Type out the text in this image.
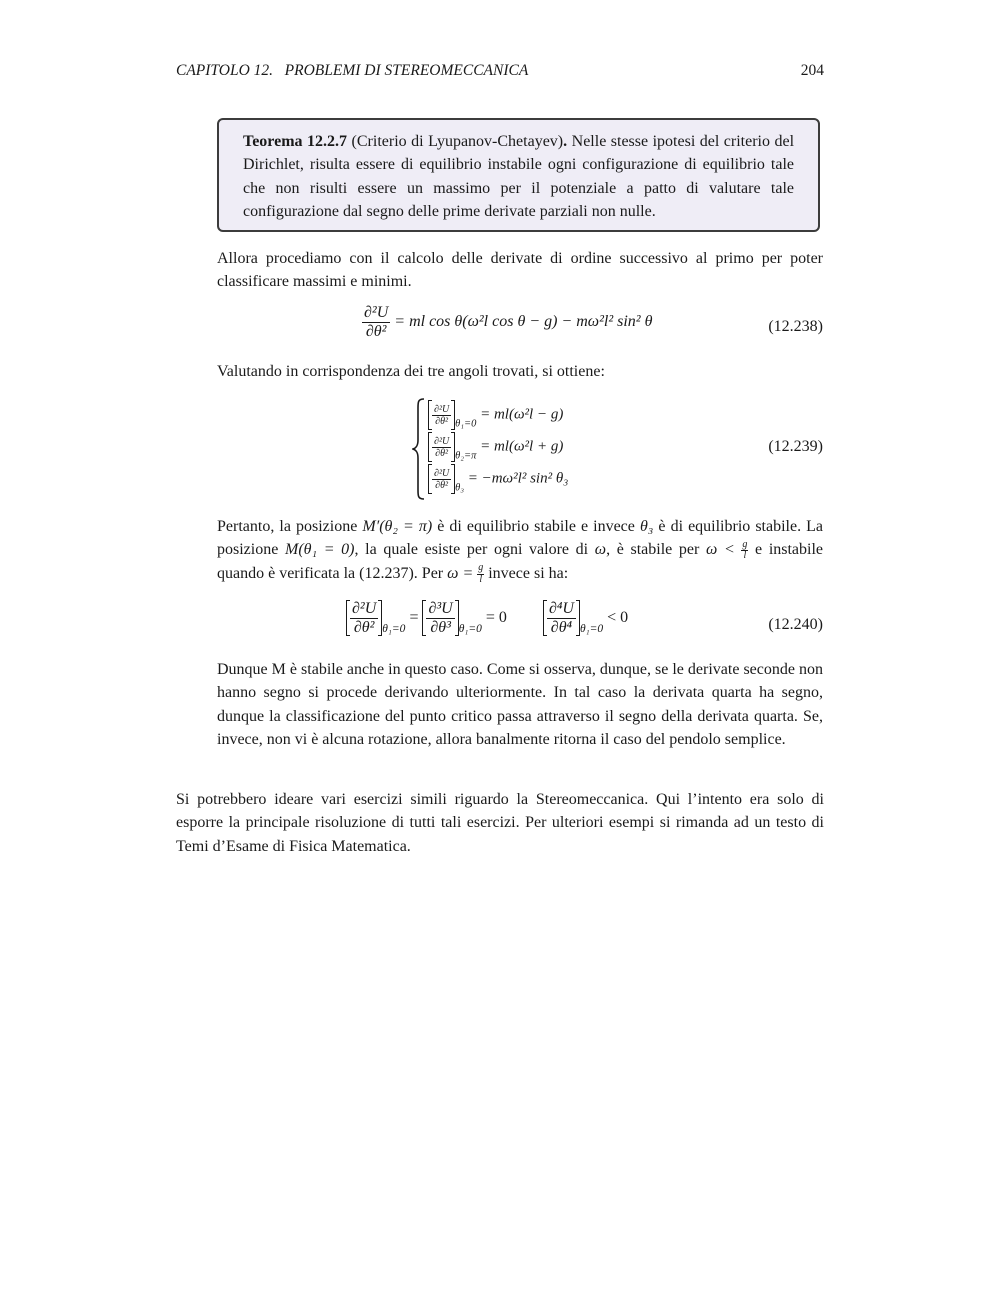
CAPITOLO 12.   PROBLEMI DI STEREOMECCANICA	204
Teorema 12.2.7 (Criterio di Lyupanov-Chetayev). Nelle stesse ipotesi del criterio del Dirichlet, risulta essere di equilibrio instabile ogni configurazione di equilibrio tale che non risulti essere un massimo per il potenziale a patto di valutare tale configurazione dal segno delle prime derivate parziali non nulle.
Allora procediamo con il calcolo delle derivate di ordine successivo al primo per poter classificare massimi e minimi.
$\frac{\text{∂²U}}{\text{∂θ²}}$ = ml cos θ(ω²l cos θ − g) − mω²l² sin² θ	(12.238)
Valutando in corrispondenza dei tre angoli trovati, si ottiene:
$\frac{\text{∂²U}}{\text{∂θ²}} _{\theta_1=0} = ml(\omega^2l - g)$
$\frac{\text{∂²U}}{\text{∂θ²}} _{\theta_2=\pi} = ml(\omega^2l + g)$
$\frac{\text{∂²U}}{\text{∂θ²}} _{\theta_3} = -m\omega^2l^2$ sin² θ₃
(12.239)
Pertanto, la posizione M′(θ₂ = π) è di equilibrio stabile e invece θ₃ è di equilibrio stabile. La posizione M(θ₁ = 0), la quale esiste per ogni valore di ω, è stabile per $\omega < \frac{g}{l}$ e instabile quando è verificata la (12.237). Per $\omega = \frac{g}{l}$ invece si ha:
$\frac{\text{∂²U}}{\text{∂θ²}} _{\theta_1=0} = \frac{\text{∂³U}}{\text{∂θ³}} _{\theta_1=0} = 0$	$\frac{\text{∂⁴U}}{\text{∂θ⁴}} _{\theta_1=0} < 0$	(12.240)
Dunque M è stabile anche in questo caso. Come si osserva, dunque, se le derivate seconde non hanno segno si procede derivando ulteriormente. In tal caso la derivata quarta ha segno, dunque la classificazione del punto critico passa attraverso il segno della derivata quarta. Se, invece, non vi è alcuna rotazione, allora banalmente ritorna il caso del pendolo semplice.
Si potrebbero ideare vari esercizi simili riguardo la Stereomeccanica. Qui l’intento era solo di esporre la principale risoluzione di tutti tali esercizi. Per ulteriori esempi si rimanda ad un testo di Temi d’Esame di Fisica Matematica.
